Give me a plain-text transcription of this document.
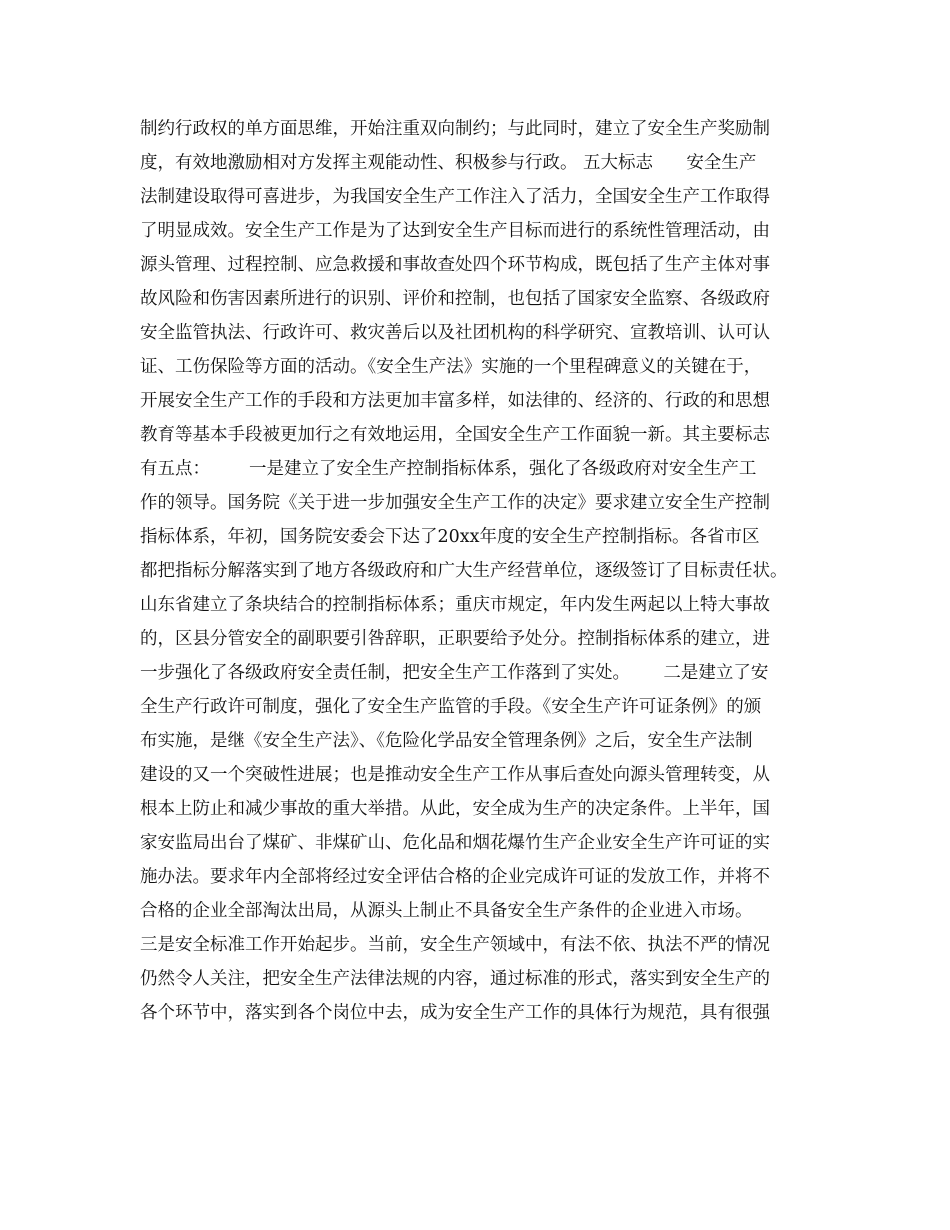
制约行政权的单方面思维，开始注重双向制约；与此同时，建立了安全生产奖励制
度，有效地激励相对方发挥主观能动性、积极参与行政。 五大标志      安全生产
法制建设取得可喜进步，为我国安全生产工作注入了活力，全国安全生产工作取得
了明显成效。安全生产工作是为了达到安全生产目标而进行的系统性管理活动，由
源头管理、过程控制、应急救援和事故查处四个环节构成，既包括了生产主体对事
故风险和伤害因素所进行的识别、评价和控制，也包括了国家安全监察、各级政府
安全监管执法、行政许可、救灾善后以及社团机构的科学研究、宣教培训、认可认
证、工伤保险等方面的活动。《安全生产法》实施的一个里程碑意义的关键在于，
开展安全生产工作的手段和方法更加丰富多样，如法律的、经济的、行政的和思想
教育等基本手段被更加行之有效地运用，全国安全生产工作面貌一新。其主要标志
有五点：       一是建立了安全生产控制指标体系，强化了各级政府对安全生产工
作的领导。国务院《关于进一步加强安全生产工作的决定》要求建立安全生产控制
指标体系，年初，国务院安委会下达了20xx年度的安全生产控制指标。各省市区
都把指标分解落实到了地方各级政府和广大生产经营单位，逐级签订了目标责任状。
山东省建立了条块结合的控制指标体系；重庆市规定，年内发生两起以上特大事故
的，区县分管安全的副职要引咎辞职，正职要给予处分。控制指标体系的建立，进
一步强化了各级政府安全责任制，把安全生产工作落到了实处。      二是建立了安
全生产行政许可制度，强化了安全生产监管的手段。《安全生产许可证条例》的颁
布实施，是继《安全生产法》、《危险化学品安全管理条例》之后，安全生产法制
建设的又一个突破性进展；也是推动安全生产工作从事后查处向源头管理转变，从
根本上防止和减少事故的重大举措。从此，安全成为生产的决定条件。上半年，国
家安监局出台了煤矿、非煤矿山、危化品和烟花爆竹生产企业安全生产许可证的实
施办法。要求年内全部将经过安全评估合格的企业完成许可证的发放工作，并将不
合格的企业全部淘汰出局，从源头上制止不具备安全生产条件的企业进入市场。
三是安全标准工作开始起步。当前，安全生产领域中，有法不依、执法不严的情况
仍然令人关注，把安全生产法律法规的内容，通过标准的形式，落实到安全生产的
各个环节中，落实到各个岗位中去，成为安全生产工作的具体行为规范，具有很强
